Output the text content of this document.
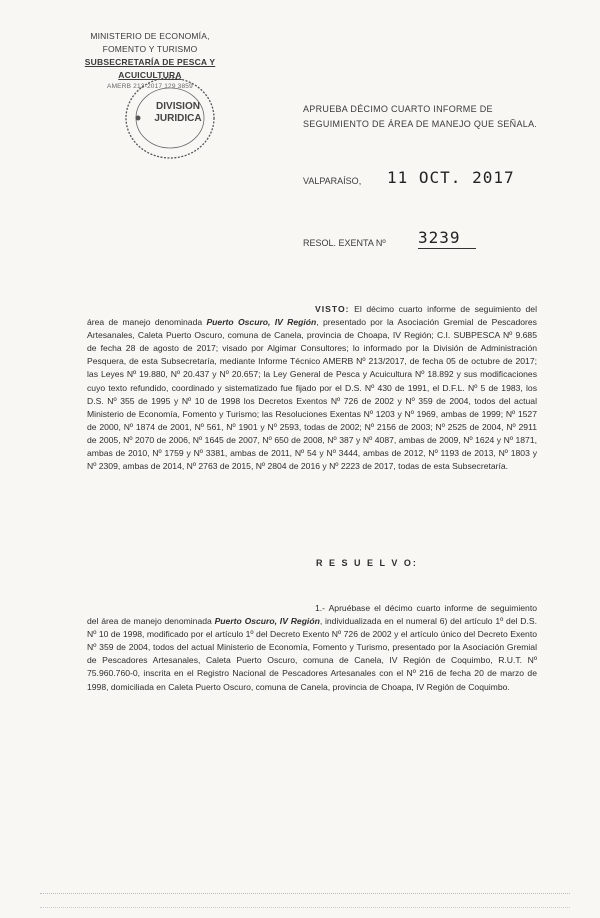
MINISTERIO DE ECONOMÍA,
FOMENTO Y TURISMO
SUBSECRETARÍA DE PESCA Y ACUICULTURA
AMERB 213-2017 129 3859
DIVISION
JURIDICA
APRUEBA DÉCIMO CUARTO INFORME DE SEGUIMIENTO DE ÁREA DE MANEJO QUE SEÑALA.
VALPARAÍSO, 11 OCT. 2017
RESOL. EXENTA Nº 3239
VISTO: El décimo cuarto informe de seguimiento del área de manejo denominada Puerto Oscuro, IV Región, presentado por la Asociación Gremial de Pescadores Artesanales, Caleta Puerto Oscuro, comuna de Canela, provincia de Choapa, IV Región; C.I. SUBPESCA Nº 9.685 de fecha 28 de agosto de 2017; visado por Algimar Consultores; lo informado por la División de Administración Pesquera, de esta Subsecretaría, mediante Informe Técnico AMERB Nº 213/2017, de fecha 05 de octubre de 2017; las Leyes Nº 19.880, Nº 20.437 y Nº 20.657; la Ley General de Pesca y Acuicultura Nº 18.892 y sus modificaciones cuyo texto refundido, coordinado y sistematizado fue fijado por el D.S. Nº 430 de 1991, el D.F.L. Nº 5 de 1983, los D.S. Nº 355 de 1995 y Nº 10 de 1998 los Decretos Exentos Nº 726 de 2002 y Nº 359 de 2004, todos del actual Ministerio de Economía, Fomento y Turismo; las Resoluciones Exentas Nº 1203 y Nº 1969, ambas de 1999; Nº 1527 de 2000, Nº 1874 de 2001, Nº 561, Nº 1901 y Nº 2593, todas de 2002; Nº 2156 de 2003; Nº 2525 de 2004, Nº 2911 de 2005, Nº 2070 de 2006, Nº 1645 de 2007, Nº 650 de 2008, Nº 387 y Nº 4087, ambas de 2009, Nº 1624 y Nº 1871, ambas de 2010, Nº 1759 y Nº 3381, ambas de 2011, Nº 54 y Nº 3444, ambas de 2012, Nº 1193 de 2013, Nº 1803 y Nº 2309, ambas de 2014, Nº 2763 de 2015, Nº 2804 de 2016 y Nº 2223 de 2017, todas de esta Subsecretaría.
R E S U E L V O:
1.- Apruébase el décimo cuarto informe de seguimiento del área de manejo denominada Puerto Oscuro, IV Región, individualizada en el numeral 6) del artículo 1º del D.S. Nº 10 de 1998, modificado por el artículo 1º del Decreto Exento Nº 726 de 2002 y el artículo único del Decreto Exento Nº 359 de 2004, todos del actual Ministerio de Economía, Fomento y Turismo, presentado por la Asociación Gremial de Pescadores Artesanales, Caleta Puerto Oscuro, comuna de Canela, IV Región de Coquimbo, R.U.T. Nº 75.960.760-0, inscrita en el Registro Nacional de Pescadores Artesanales con el Nº 216 de fecha 20 de marzo de 1998, domiciliada en Caleta Puerto Oscuro, comuna de Canela, provincia de Choapa, IV Región de Coquimbo.
